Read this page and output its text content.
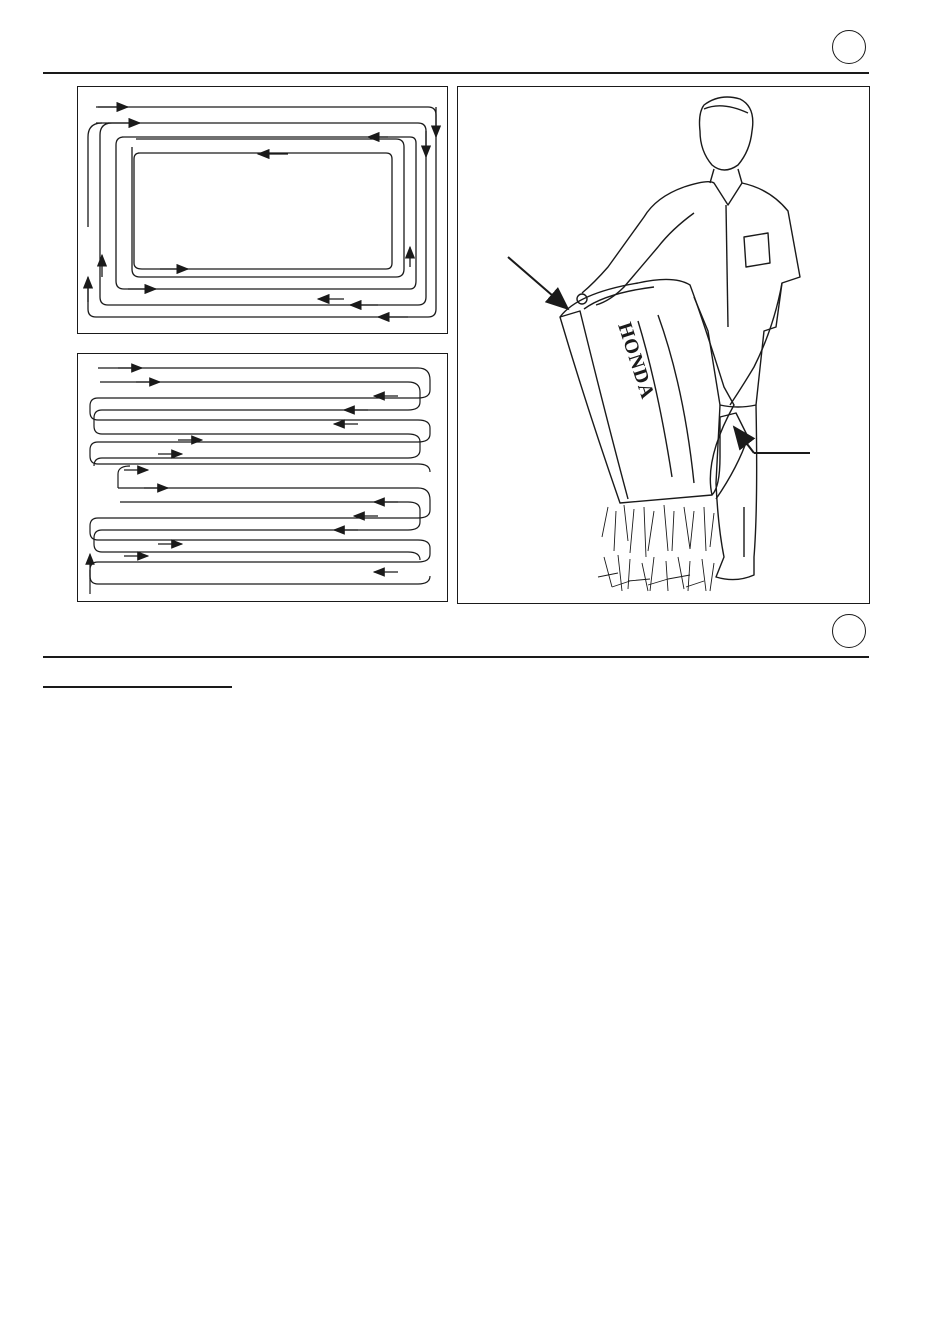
HONDA
